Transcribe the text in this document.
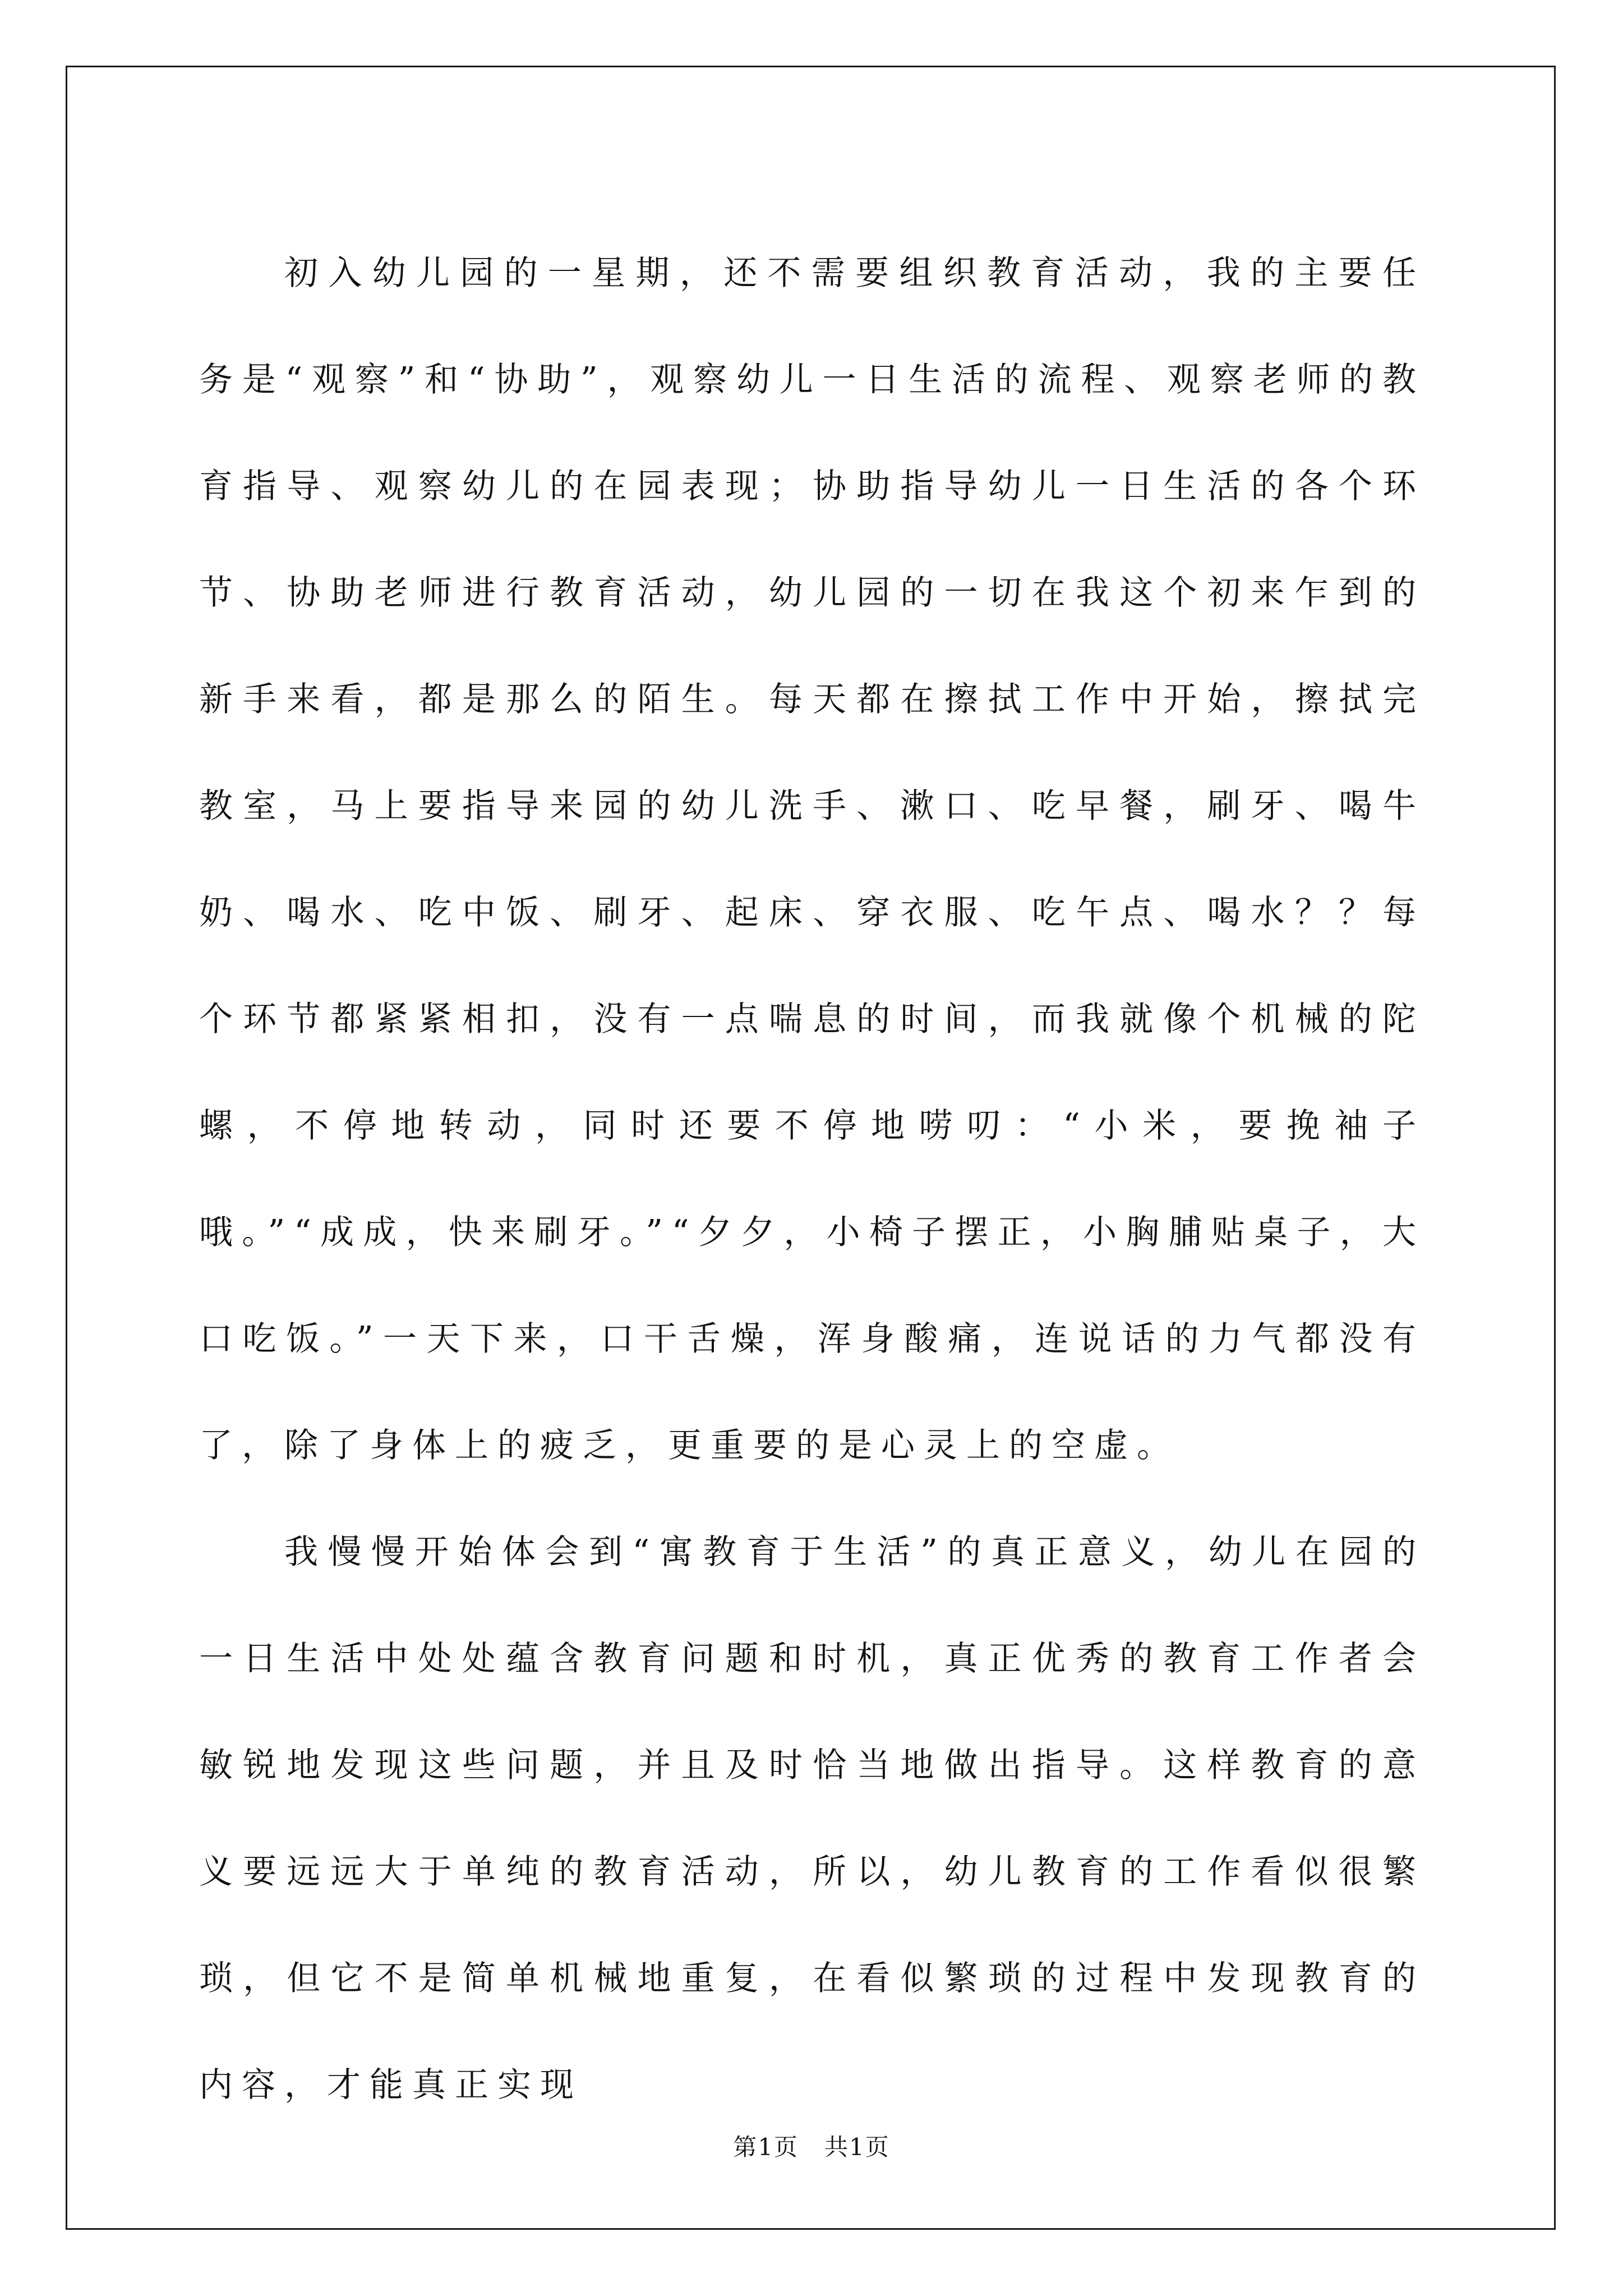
初入幼儿园的一星期，还不需要组织教育活动，我的主要任务是“观察”和“协助”，观察幼儿一日生活的流程、观察老师的教育指导、观察幼儿的在园表现；协助指导幼儿一日生活的各个环节、协助老师进行教育活动，幼儿园的一切在我这个初来乍到的新手来看，都是那么的陌生。每天都在擦拭工作中开始，擦拭完教室，马上要指导来园的幼儿洗手、漱口、吃早餐，刷牙、喝牛奶、喝水、吃中饭、刷牙、起床、穿衣服、吃午点、喝水？？每个环节都紧紧相扣，没有一点喘息的时间，而我就像个机械的陀螺，不停地转动，同时还要不停地唠叨：“小米，要挽袖子哦。”“成成，快来刷牙。”“夕夕，小椅子摆正，小胸脯贴桌子，大口吃饭。”一天下来，口干舌燥，浑身酸痛，连说话的力气都没有了，除了身体上的疲乏，更重要的是心灵上的空虚。

我慢慢开始体会到“寓教育于生活”的真正意义，幼儿在园的一日生活中处处蕴含教育问题和时机，真正优秀的教育工作者会敏锐地发现这些问题，并且及时恰当地做出指导。这样教育的意义要远远大于单纯的教育活动，所以，幼儿教育的工作看似很繁琐，但它不是简单机械地重复，在看似繁琐的过程中发现教育的内容，才能真正实现

第1页   共1页
